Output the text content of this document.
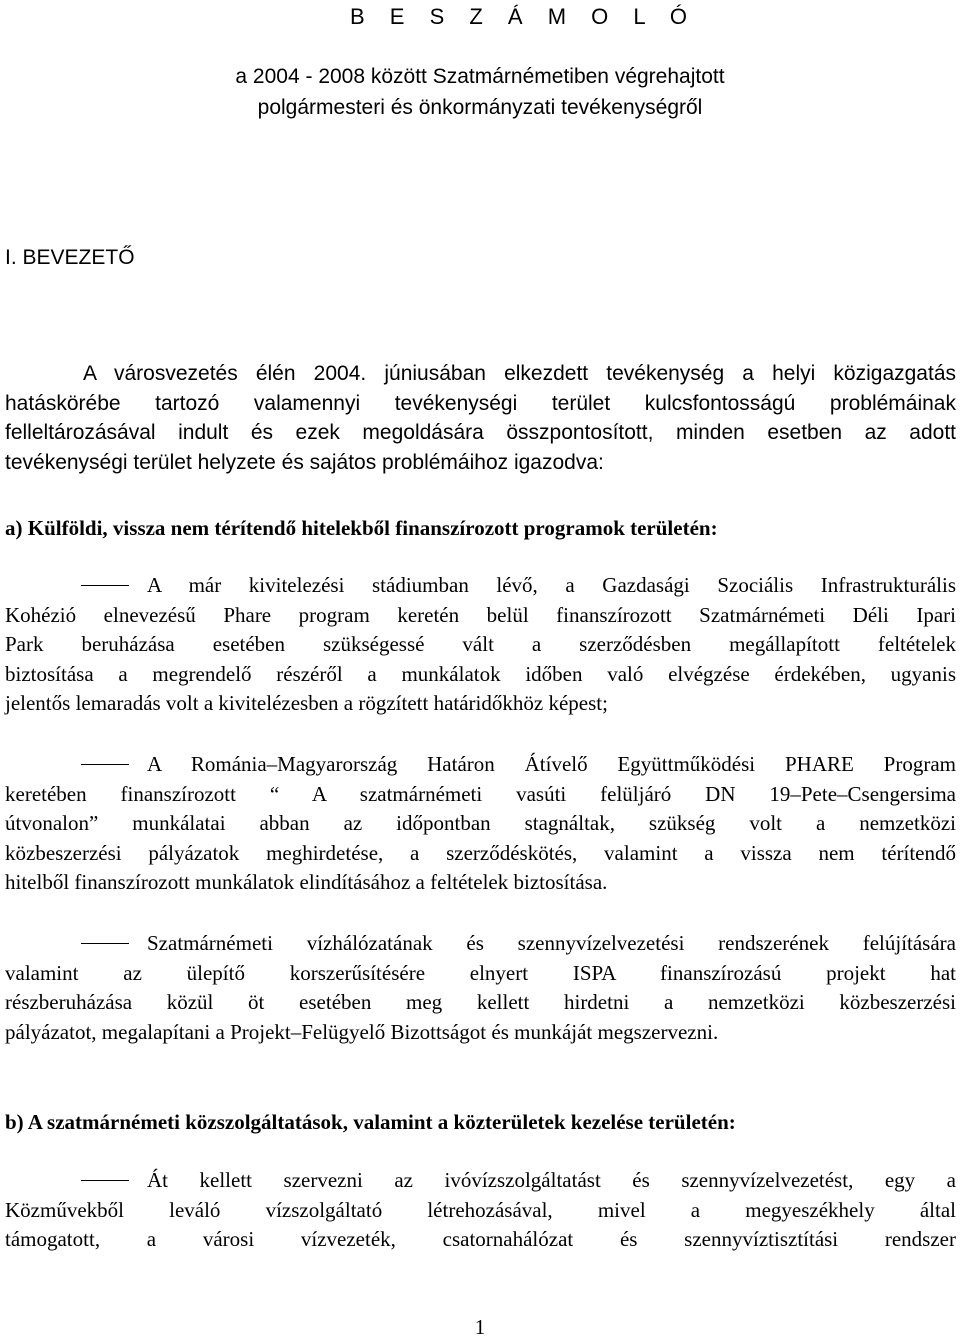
B E S Z Á M O L Ó
a 2004 - 2008 között Szatmárnémetiben végrehajtott
polgármesteri és önkormányzati tevékenységről
I. BEVEZETŐ
A városvezetés élén 2004. júniusában elkezdett tevékenység a helyi közigazgatás
hatáskörébe tartozó valamennyi tevékenységi terület kulcsfontosságú problémáinak
felleltározásával indult és ezek megoldására összpontosított, minden esetben az adott
tevékenységi terület helyzete és sajátos problémáihoz igazodva:
a) Külföldi, vissza nem térítendő hitelekből finanszírozott programok területén:
A már kivitelezési stádiumban lévő, a Gazdasági Szociális Infrastrukturális
Kohézió elnevezésű Phare program keretén belül finanszírozott Szatmárnémeti Déli Ipari
Park beruházása esetében szükségessé vált a szerződésben megállapított feltételek
biztosítása a megrendelő részéről a munkálatok időben való elvégzése érdekében, ugyanis
jelentős lemaradás volt a kivitelézesben a rögzített határidőkhöz képest;
A Románia–Magyarország Határon Átívelő Együttműködési PHARE Program
keretében finanszírozott “ A szatmárnémeti vasúti felüljáró DN 19–Pete–Csengersima
útvonalon” munkálatai abban az időpontban stagnáltak, szükség volt a nemzetközi
közbeszerzési pályázatok meghirdetése, a szerződéskötés, valamint a vissza nem térítendő
hitelből finanszírozott munkálatok elindításához a feltételek biztosítása.
Szatmárnémeti vízhálózatának és szennyvízelvezetési rendszerének felújítására
valamint az ülepítő korszerűsítésére elnyert ISPA finanszírozású projekt hat
részberuházása közül öt esetében meg kellett hirdetni a nemzetközi közbeszerzési
pályázatot, megalapítani a Projekt–Felügyelő Bizottságot és munkáját megszervezni.
b) A szatmárnémeti közszolgáltatások, valamint a közterületek kezelése területén:
Át kellett szervezni az ivóvízszolgáltatást és szennyvízelvezetést, egy a
Közművekből leváló vízszolgáltató létrehozásával, mivel a megyeszékhely által
támogatott, a városi vízvezeték, csatornahálózat és szennyvíztisztítási rendszer
1
